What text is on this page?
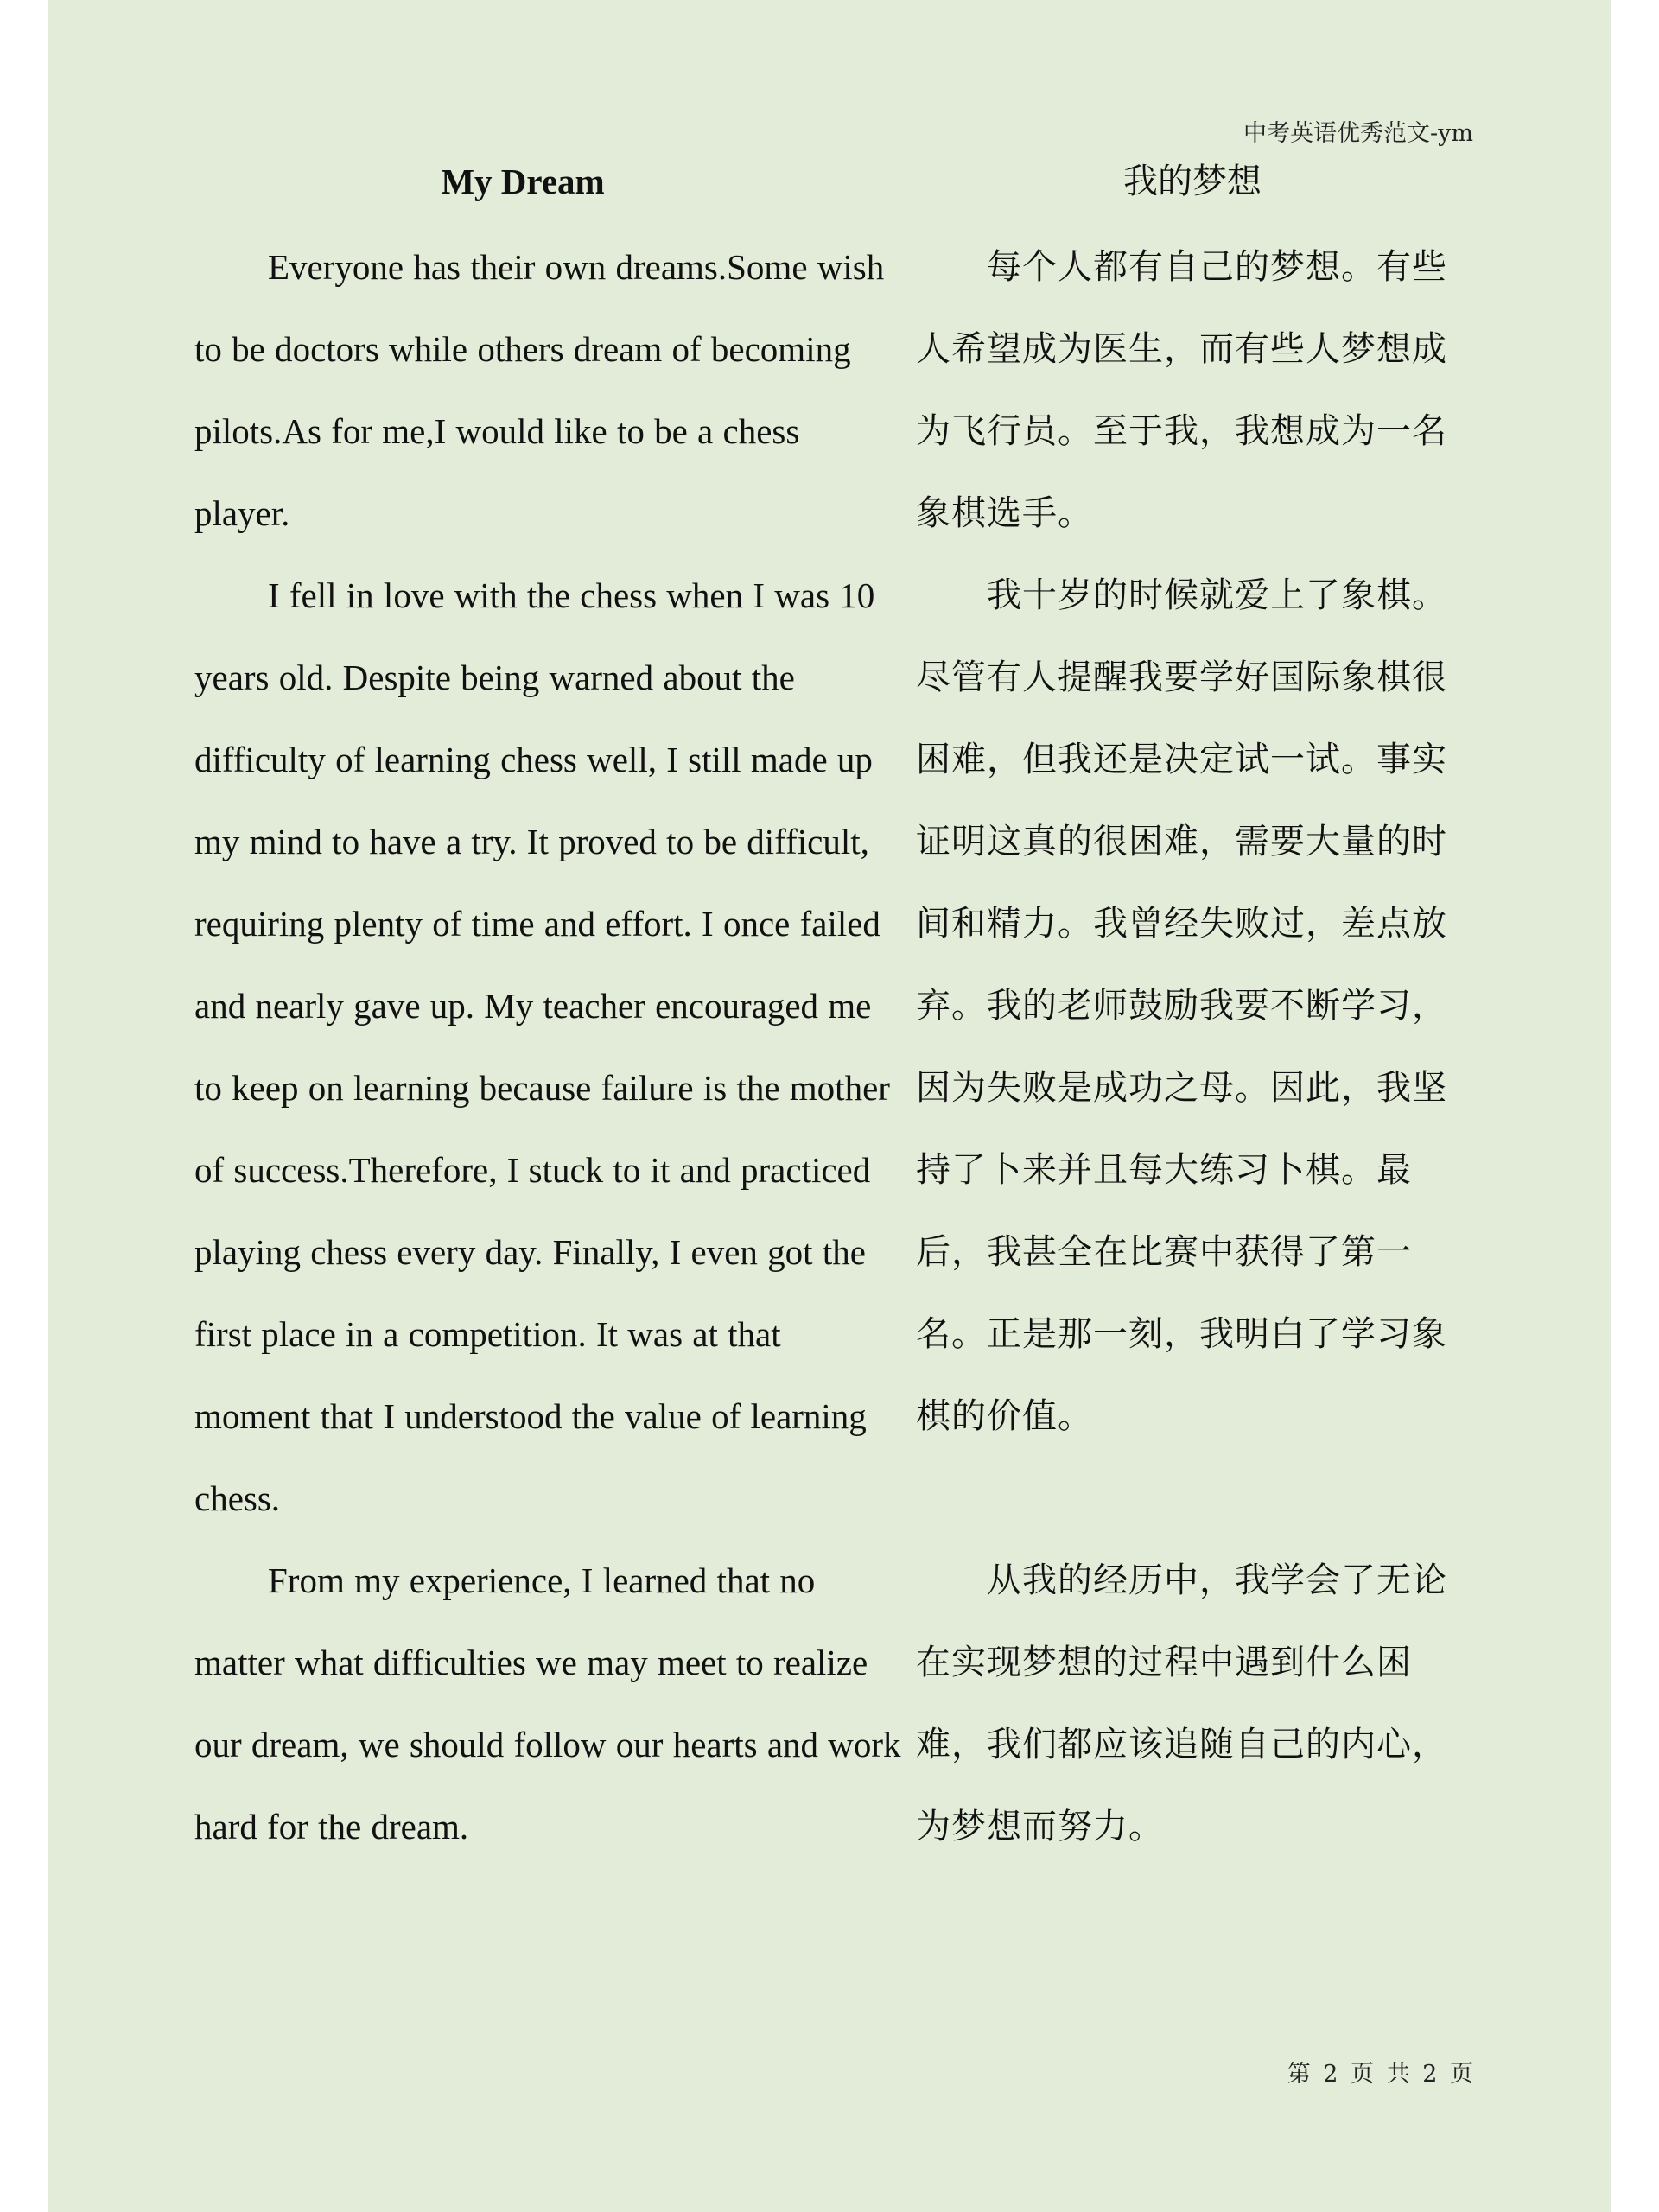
中考英语优秀范文-ym
My Dream

Everyone has their own dreams.Some wish to be doctors while others dream of becoming pilots.As for me,I would like to be a chess player.

I fell in love with the chess when I was 10 years old. Despite being warned about the difficulty of learning chess well, I still made up my mind to have a try. It proved to be difficult, requiring plenty of time and effort. I once failed and nearly gave up. My teacher encouraged me to keep on learning because failure is the mother of success.Therefore, I stuck to it and practiced playing chess every day. Finally, I even got the first place in a competition. It was at that moment that I understood the value of learning chess.

From my experience, I learned that no matter what difficulties we may meet to realize our dream, we should follow our hearts and work hard for the dream.

我的梦想

每个人都有自己的梦想。有些人希望成为医生，而有些人梦想成为飞行员。至于我，我想成为一名象棋选手。

我十岁的时候就爱上了象棋。尽管有人提醒我要学好国际象棋很困难，但我还是决定试一试。事实证明这真的很困难，需要大量的时间和精力。我曾经失败过，差点放弃。我的老师鼓励我要不断学习，因为失败是成功之母。因此，我坚持了卜来并且每大练习卜棋。最后，我甚全在比赛中获得了第一名。正是那一刻，我明白了学习象棋的价值。

从我的经历中，我学会了无论在实现梦想的过程中遇到什么困难，我们都应该追随自己的内心，为梦想而努力。

第 2 页 共 2 页
